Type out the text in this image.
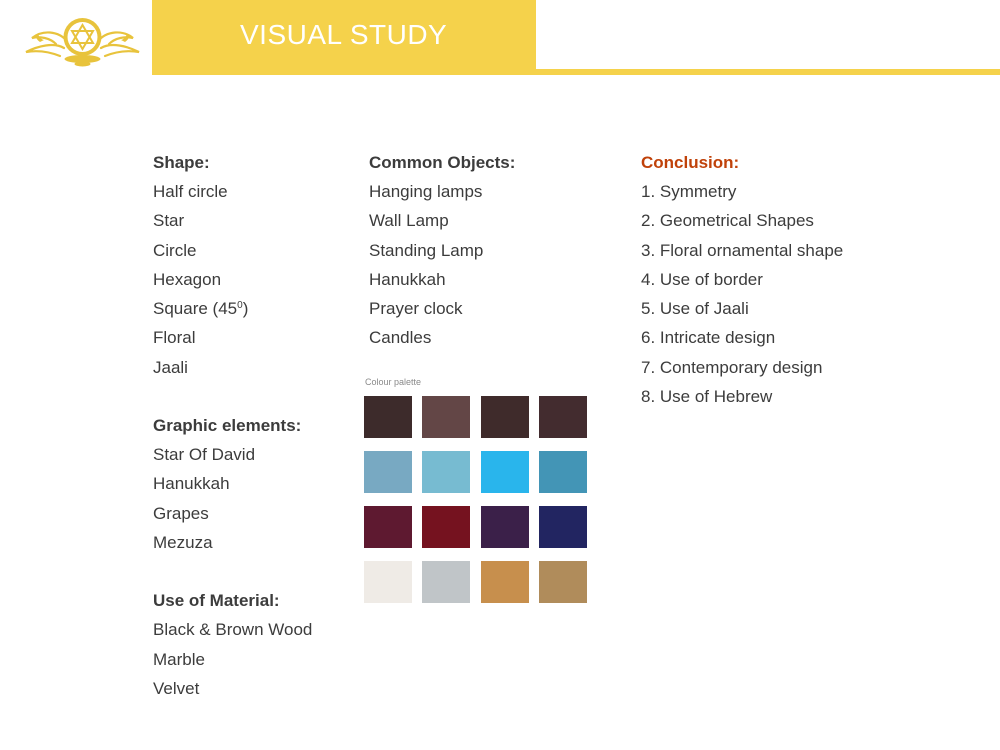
VISUAL STUDY
Shape:
Half circle
Star
Circle
Hexagon
Square $(45^0)$
Floral
Jaali
Graphic elements:
Star Of David
Hanukkah
Grapes
Mezuza
Use of Material:
Black & Brown Wood
Marble
Velvet
Common Objects:
Hanging lamps
Wall Lamp
Standing Lamp
Hanukkah
Prayer clock
Candles
Colour palette
Conclusion:
1. Symmetry
2. Geometrical Shapes
3. Floral ornamental shape
4. Use of border
5. Use of Jaali
6. Intricate design
7. Contemporary design
8. Use of Hebrew
